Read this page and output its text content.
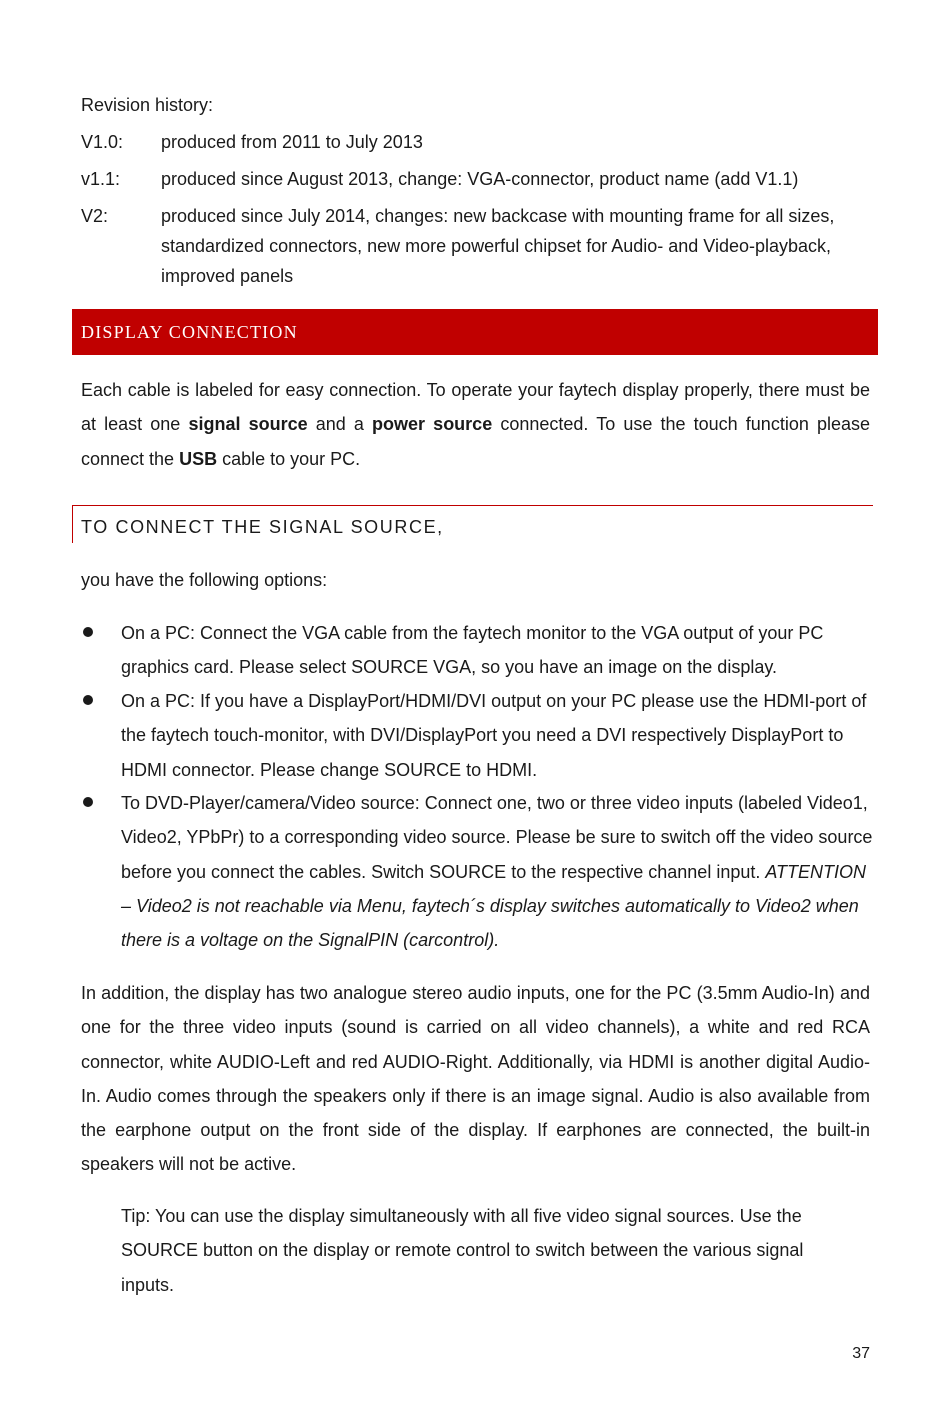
Revision history:
V1.0:	produced from 2011 to July 2013
v1.1:	produced since August 2013, change: VGA-connector, product name (add V1.1)
V2:	produced since July 2014, changes: new backcase with mounting frame for all sizes, standardized connectors, new more powerful chipset for Audio- and Video-playback, improved panels
DISPLAY CONNECTION
Each cable is labeled for easy connection. To operate your faytech display properly, there must be at least one signal source and a power source connected. To use the touch function please connect the USB cable to your PC.
TO CONNECT THE SIGNAL SOURCE,
you have the following options:
On a PC: Connect the VGA cable from the faytech monitor to the VGA output of your PC graphics card. Please select SOURCE VGA, so you have an image on the display.
On a PC: If you have a DisplayPort/HDMI/DVI output on your PC please use the HDMI-port of the faytech touch-monitor, with DVI/DisplayPort you need a DVI respectively DisplayPort to HDMI connector. Please change SOURCE to HDMI.
To DVD-Player/camera/Video source: Connect one, two or three video inputs (labeled Video1, Video2, YPbPr) to a corresponding video source. Please be sure to switch off the video source before you connect the cables. Switch SOURCE to the respective channel input. ATTENTION – Video2 is not reachable via Menu, faytech´s display switches automatically to Video2 when there is a voltage on the SignalPIN (carcontrol).
In addition, the display has two analogue stereo audio inputs, one for the PC (3.5mm Audio-In) and one for the three video inputs (sound is carried on all video channels), a white and red RCA connector, white AUDIO-Left and red AUDIO-Right. Additionally, via HDMI is another digital Audio-In. Audio comes through the speakers only if there is an image signal. Audio is also available from the earphone output on the front side of the display. If earphones are connected, the built-in speakers will not be active.
Tip: You can use the display simultaneously with all five video signal sources. Use the SOURCE button on the display or remote control to switch between the various signal inputs.
37
